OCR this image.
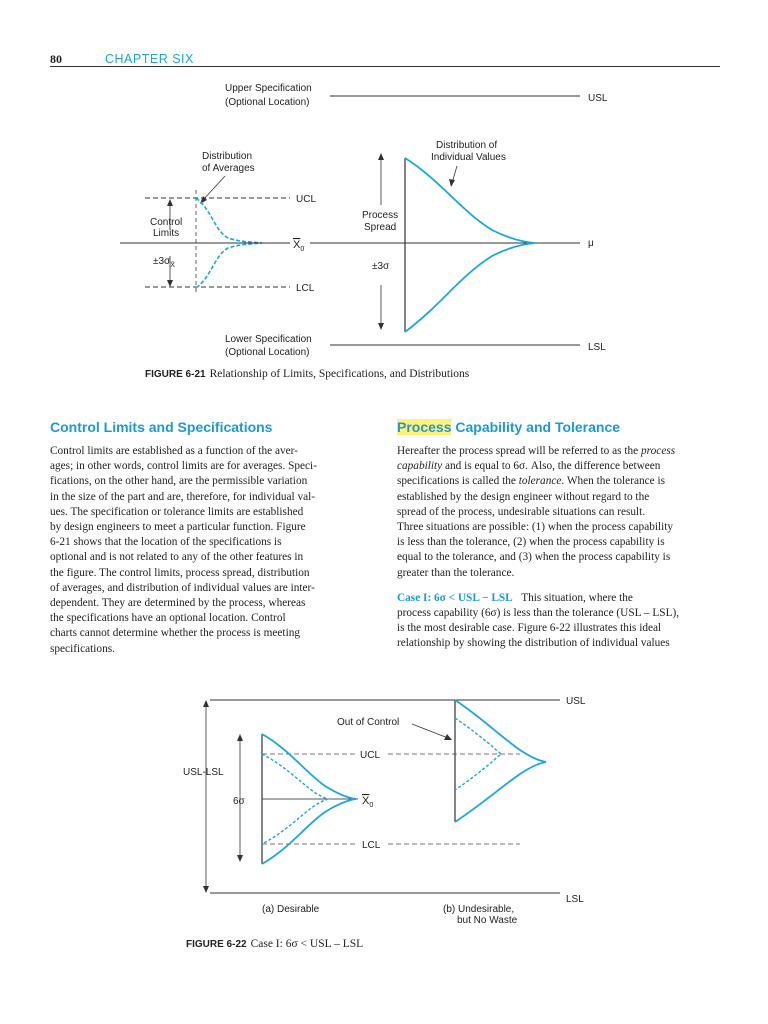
80	CHAPTER SIX
Upper Specification
(Optional Location)	USL
Lower Specification
(Optional Location)	LSL
Distribution
of Averages
UCL
LCL
Control
Limits
$\pm 3\sigma_{X̄}$
$X_0$
μ
Process
Spread
±3σ
Distribution of
Individual Values
FIGURE 6-21 Relationship of Limits, Specifications, and Distributions
Control Limits and Specifications
Control limits are established as a function of the aver-
ages; in other words, control limits are for averages. Speci-
fications, on the other hand, are the permissible variation
in the size of the part and are, therefore, for individual val-
ues. The specification or tolerance limits are established
by design engineers to meet a particular function. Figure
6-21 shows that the location of the specifications is
optional and is not related to any of the other features in
the figure. The control limits, process spread, distribution
of averages, and distribution of individual values are inter-
dependent. They are determined by the process, whereas
the specifications have an optional location. Control
charts cannot determine whether the process is meeting
specifications.
Process Capability and Tolerance
Hereafter the process spread will be referred to as the process
capability and is equal to 6σ. Also, the difference between
specifications is called the tolerance. When the tolerance is
established by the design engineer without regard to the
spread of the process, undesirable situations can result.
Three situations are possible: (1) when the process capability
is less than the tolerance, (2) when the process capability is
equal to the tolerance, and (3) when the process capability is
greater than the tolerance.
Case I: 6σ < USL − LSL This situation, where the
process capability (6σ) is less than the tolerance (USL – LSL),
is the most desirable case. Figure 6-22 illustrates this ideal
relationship by showing the distribution of individual values
USL
LSL
USL-LSL
6σ
UCL
LCL
$X_0$
(a) Desirable	(b) Undesirable,
but No Waste
Out of Control
FIGURE 6-22 Case I: 6σ < USL – LSL
